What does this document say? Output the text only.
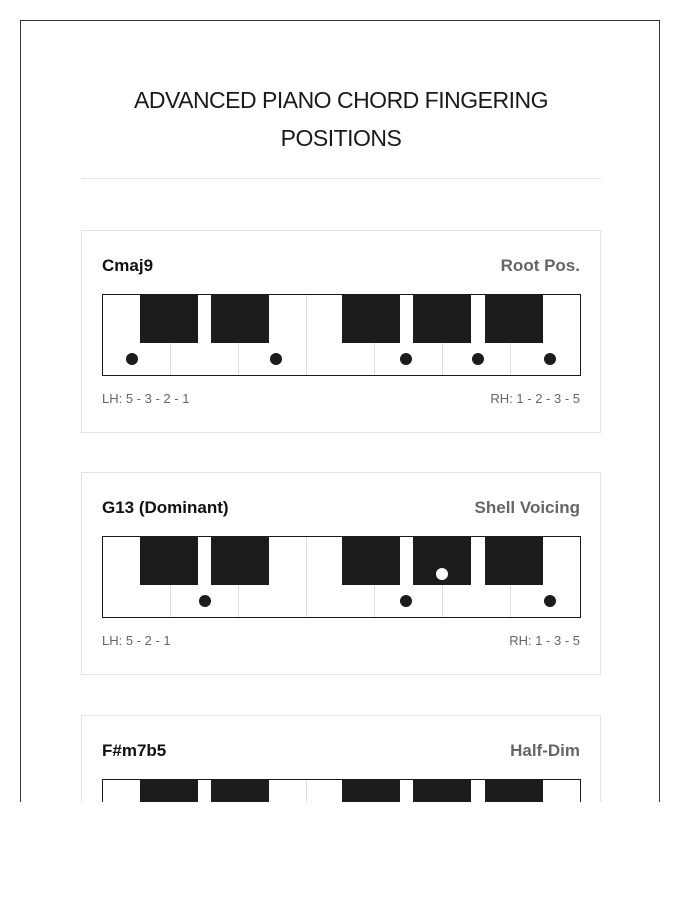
ADVANCED PIANO CHORD FINGERING POSITIONS
Cmaj9	Root Pos.
LH: 5 - 3 - 2 - 1	RH: 1 - 2 - 3 - 5
G13 (Dominant)	Shell Voicing
LH: 5 - 2 - 1	RH: 1 - 3 - 5
F#m7b5	Half-Dim
